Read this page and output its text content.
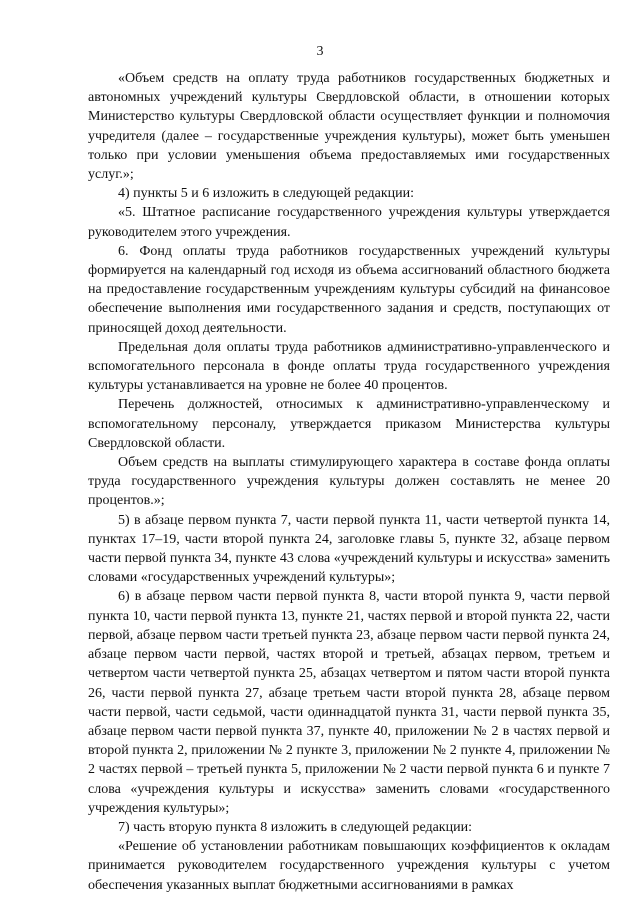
3

«Объем средств на оплату труда работников государственных бюджетных и автономных учреждений культуры Свердловской области, в отношении которых Министерство культуры Свердловской области осуществляет функции и полномочия учредителя (далее – государственные учреждения культуры), может быть уменьшен только при условии уменьшения объема предоставляемых ими государственных услуг.»;

4) пункты 5 и 6 изложить в следующей редакции:

«5. Штатное расписание государственного учреждения культуры утверждается руководителем этого учреждения.

6. Фонд оплаты труда работников государственных учреждений культуры формируется на календарный год исходя из объема ассигнований областного бюджета на предоставление государственным учреждениям культуры субсидий на финансовое обеспечение выполнения ими государственного задания и средств, поступающих от приносящей доход деятельности.

Предельная доля оплаты труда работников административно-управленческого и вспомогательного персонала в фонде оплаты труда государственного учреждения культуры устанавливается на уровне не более 40 процентов.

Перечень должностей, относимых к административно-управленческому и вспомогательному персоналу, утверждается приказом Министерства культуры Свердловской области.

Объем средств на выплаты стимулирующего характера в составе фонда оплаты труда государственного учреждения культуры должен составлять не менее 20 процентов.»;

5) в абзаце первом пункта 7, части первой пункта 11, части четвертой пункта 14, пунктах 17–19, части второй пункта 24, заголовке главы 5, пункте 32, абзаце первом части первой пункта 34, пункте 43 слова «учреждений культуры и искусства» заменить словами «государственных учреждений культуры»;

6) в абзаце первом части первой пункта 8, части второй пункта 9, части первой пункта 10, части первой пункта 13, пункте 21, частях первой и второй пункта 22, части первой, абзаце первом части третьей пункта 23, абзаце первом части первой пункта 24, абзаце первом части первой, частях второй и третьей, абзацах первом, третьем и четвертом части четвертой пункта 25, абзацах четвертом и пятом части второй пункта 26, части первой пункта 27, абзаце третьем части второй пункта 28, абзаце первом части первой, части седьмой, части одиннадцатой пункта 31, части первой пункта 35, абзаце первом части первой пункта 37, пункте 40, приложении № 2 в частях первой и второй пункта 2, приложении № 2 пункте 3, приложении № 2 пункте 4, приложении № 2 частях первой – третьей пункта 5, приложении № 2 части первой пункта 6 и пункте 7 слова «учреждения культуры и искусства» заменить словами «государственного учреждения культуры»;

7) часть вторую пункта 8 изложить в следующей редакции:

«Решение об установлении работникам повышающих коэффициентов к окладам принимается руководителем государственного учреждения культуры с учетом обеспечения указанных выплат бюджетными ассигнованиями в рамках
